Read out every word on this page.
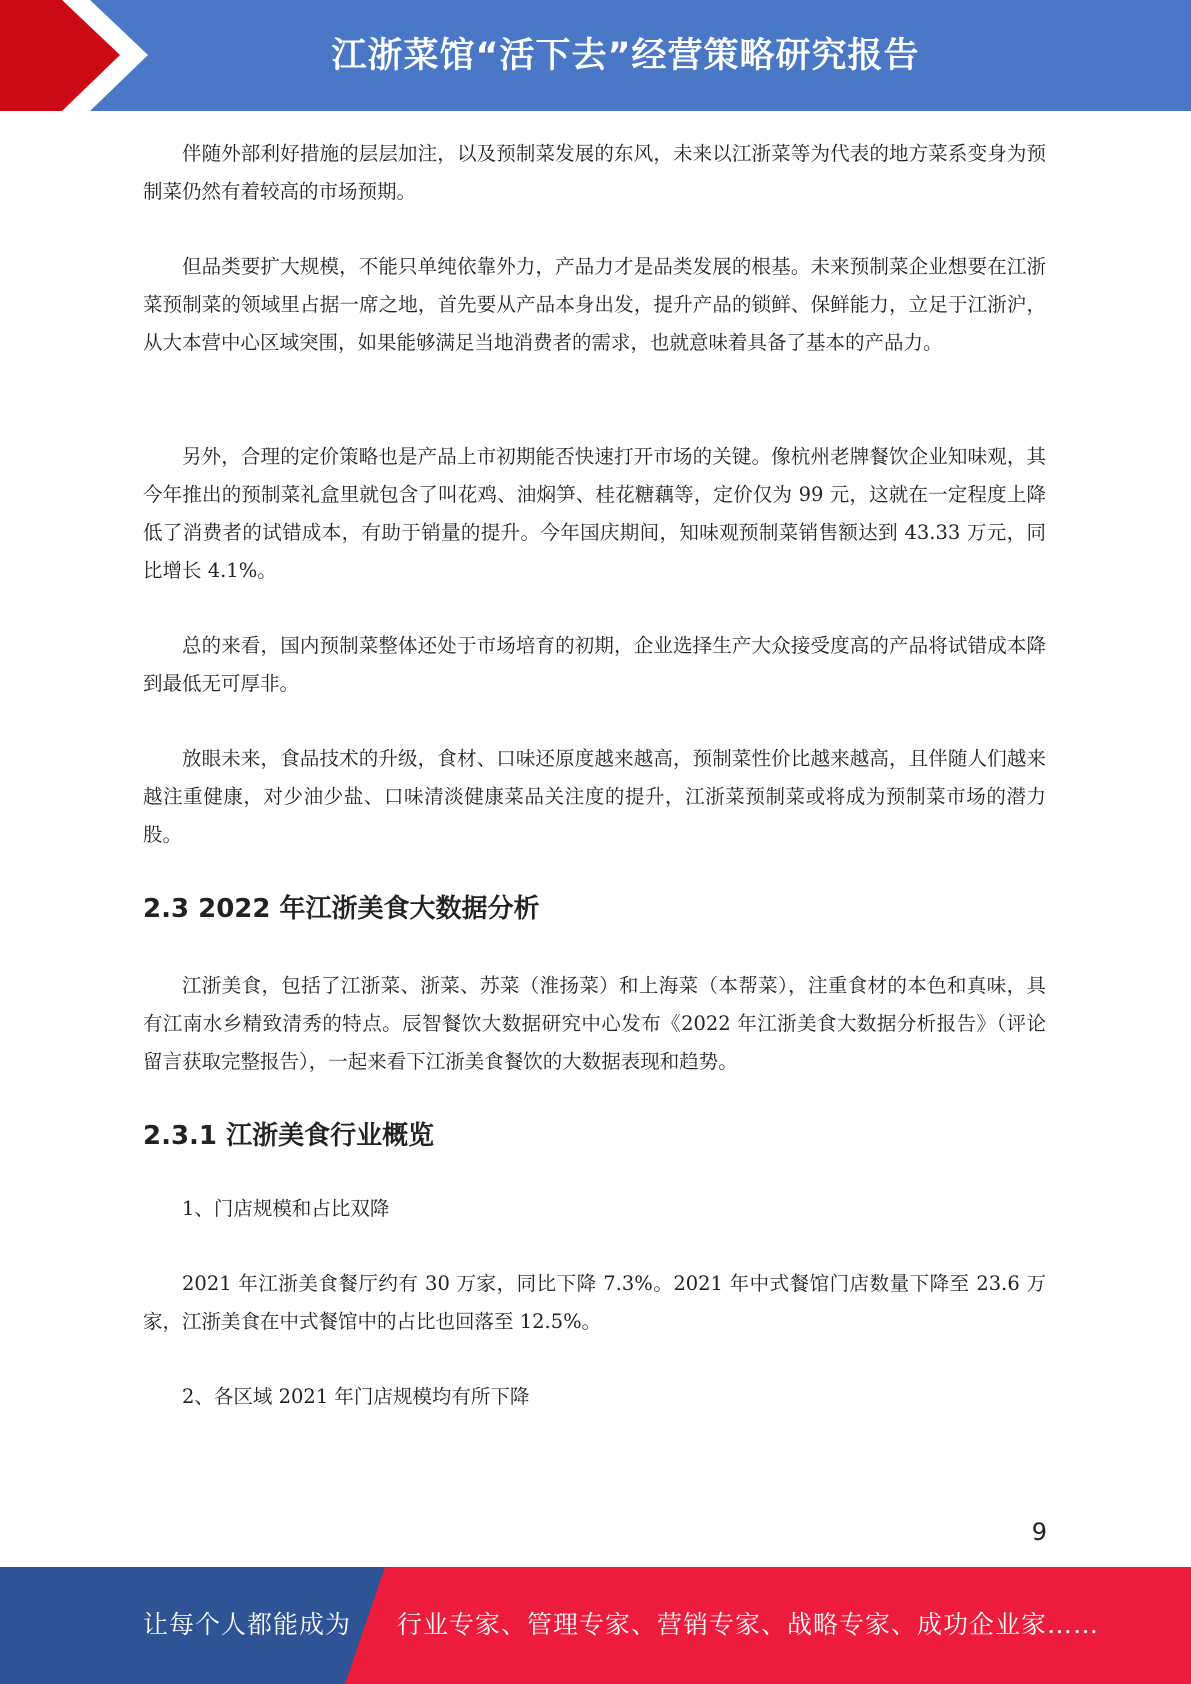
江浙菜馆“活下去”经营策略研究报告

伴随外部利好措施的层层加注，以及预制菜发展的东风，未来以江浙菜等为代表的地方菜系变身为预制菜仍然有着较高的市场预期。

但品类要扩大规模，不能只单纯依靠外力，产品力才是品类发展的根基。未来预制菜企业想要在江浙菜预制菜的领域里占据一席之地，首先要从产品本身出发，提升产品的锁鲜、保鲜能力，立足于江浙沪，从大本营中心区域突围，如果能够满足当地消费者的需求，也就意味着具备了基本的产品力。

另外，合理的定价策略也是产品上市初期能否快速打开市场的关键。像杭州老牌餐饮企业知味观，其今年推出的预制菜礼盒里就包含了叫花鸡、油焖笋、桂花糖藕等，定价仅为 99 元，这就在一定程度上降低了消费者的试错成本，有助于销量的提升。今年国庆期间，知味观预制菜销售额达到 43.33 万元，同比增长 4.1%。

总的来看，国内预制菜整体还处于市场培育的初期，企业选择生产大众接受度高的产品将试错成本降到最低无可厚非。

放眼未来，食品技术的升级，食材、口味还原度越来越高，预制菜性价比越来越高，且伴随人们越来越注重健康，对少油少盐、口味清淡健康菜品关注度的提升，江浙菜预制菜或将成为预制菜市场的潜力股。

2.3 2022 年江浙美食大数据分析

江浙美食，包括了江浙菜、浙菜、苏菜（淮扬菜）和上海菜（本帮菜），注重食材的本色和真味，具有江南水乡精致清秀的特点。辰智餐饮大数据研究中心发布《2022 年江浙美食大数据分析报告》（评论留言获取完整报告），一起来看下江浙美食餐饮的大数据表现和趋势。

2.3.1 江浙美食行业概览

1、门店规模和占比双降

2021 年江浙美食餐厅约有 30 万家，同比下降 7.3%。2021 年中式餐馆门店数量下降至 23.6 万家，江浙美食在中式餐馆中的占比也回落至 12.5%。

2、各区域 2021 年门店规模均有所下降

9
让每个人都能成为 行业专家、管理专家、营销专家、战略专家、成功企业家……
